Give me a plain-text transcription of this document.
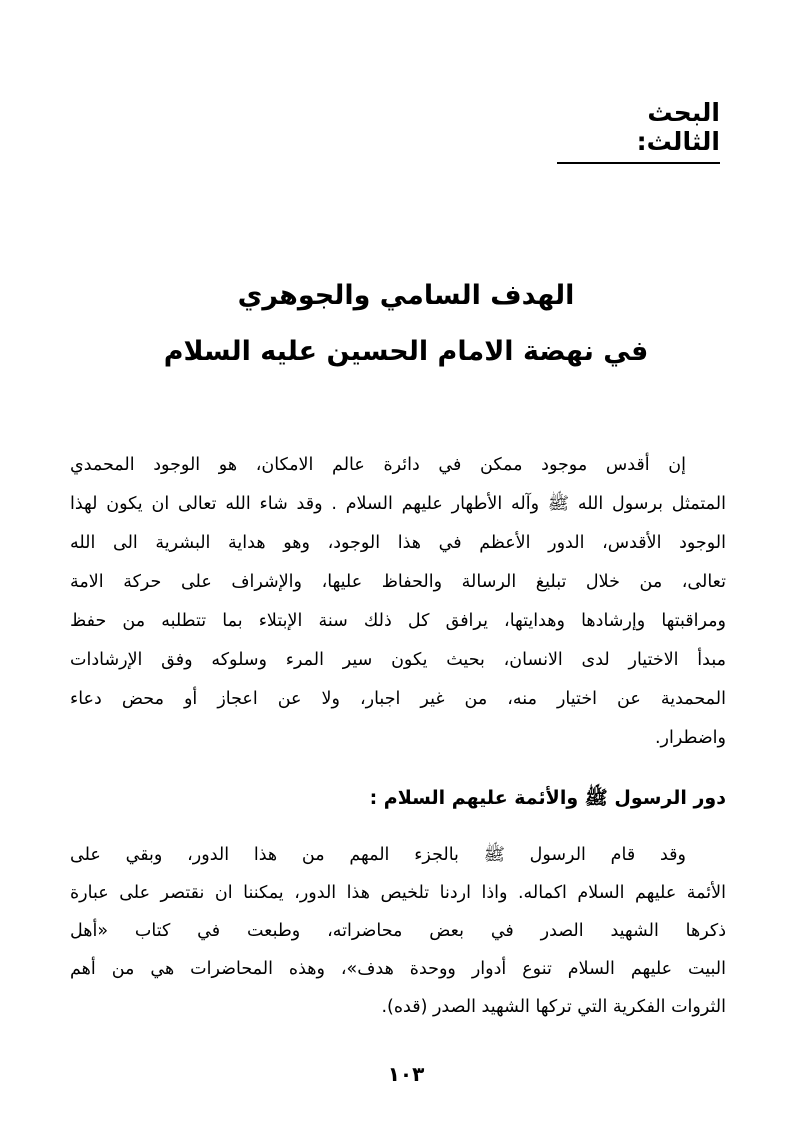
البحث الثالث:
الهدف السامي والجوهري
في نهضة الامام الحسين عليه السلام
إن أقدس موجود ممكن في دائرة عالم الامكان، هو الوجود المحمدي
المتمثل برسول الله ﷺ وآله الأطهار عليهم السلام . وقد شاء الله تعالى ان يكون لهذا
الوجود الأقدس، الدور الأعظم في هذا الوجود، وهو هداية البشرية الى الله
تعالى، من خلال تبليغ الرسالة والحفاظ عليها، والإشراف على حركة الامة
ومراقبتها وإرشادها وهدايتها، يرافق كل ذلك سنة الإبتلاء بما تتطلبه من حفظ
مبدأ الاختيار لدى الانسان، بحيث يكون سير المرء وسلوكه وفق الإرشادات
المحمدية عن اختيار منه، من غير اجبار، ولا عن اعجاز أو محض دعاء
واضطرار.
دور الرسول ﷺ والأئمة عليهم السلام :
وقد قام الرسول ﷺ بالجزء المهم من هذا الدور، وبقي على
الأئمة عليهم السلام اكماله. واذا اردنا تلخيص هذا الدور، يمكننا ان نقتصر على عبارة
ذكرها الشهيد الصدر في بعض محاضراته، وطبعت في كتاب «أهل
البيت عليهم السلام تنوع أدوار ووحدة هدف»، وهذه المحاضرات هي من أهم
الثروات الفكرية التي تركها الشهيد الصدر (قده).
١٠٣
